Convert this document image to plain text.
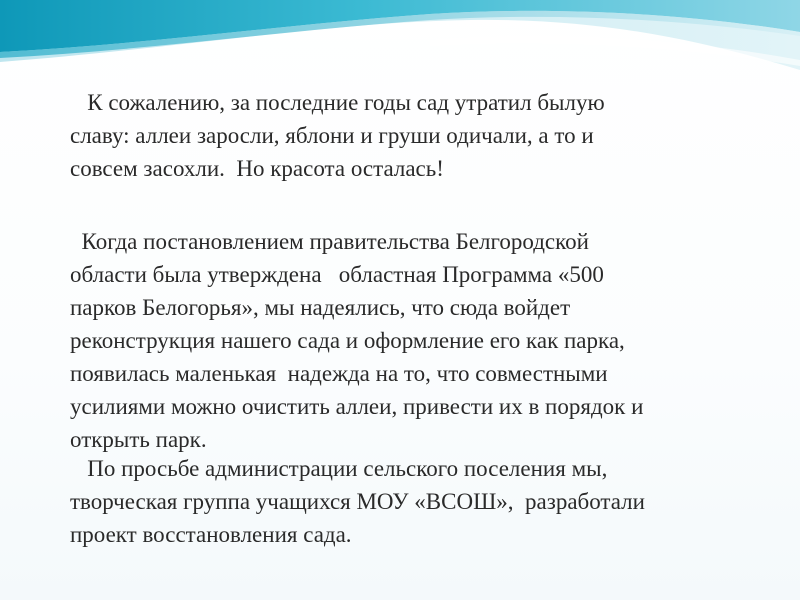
К сожалению, за последние годы сад утратил былую
славу: аллеи заросли, яблони и груши одичали, а то и
совсем засохли.  Но красота осталась!

Когда постановлением правительства Белгородской
области была утверждена   областная Программа «500
парков Белогорья», мы надеялись, что сюда войдет
реконструкция нашего сада и оформление его как парка,
появилась маленькая  надежда на то, что совместными
усилиями можно очистить аллеи, привести их в порядок и
открыть парк.

По просьбе администрации сельского поселения мы,
творческая группа учащихся МОУ «ВСОШ»,  разработали
проект восстановления сада.
